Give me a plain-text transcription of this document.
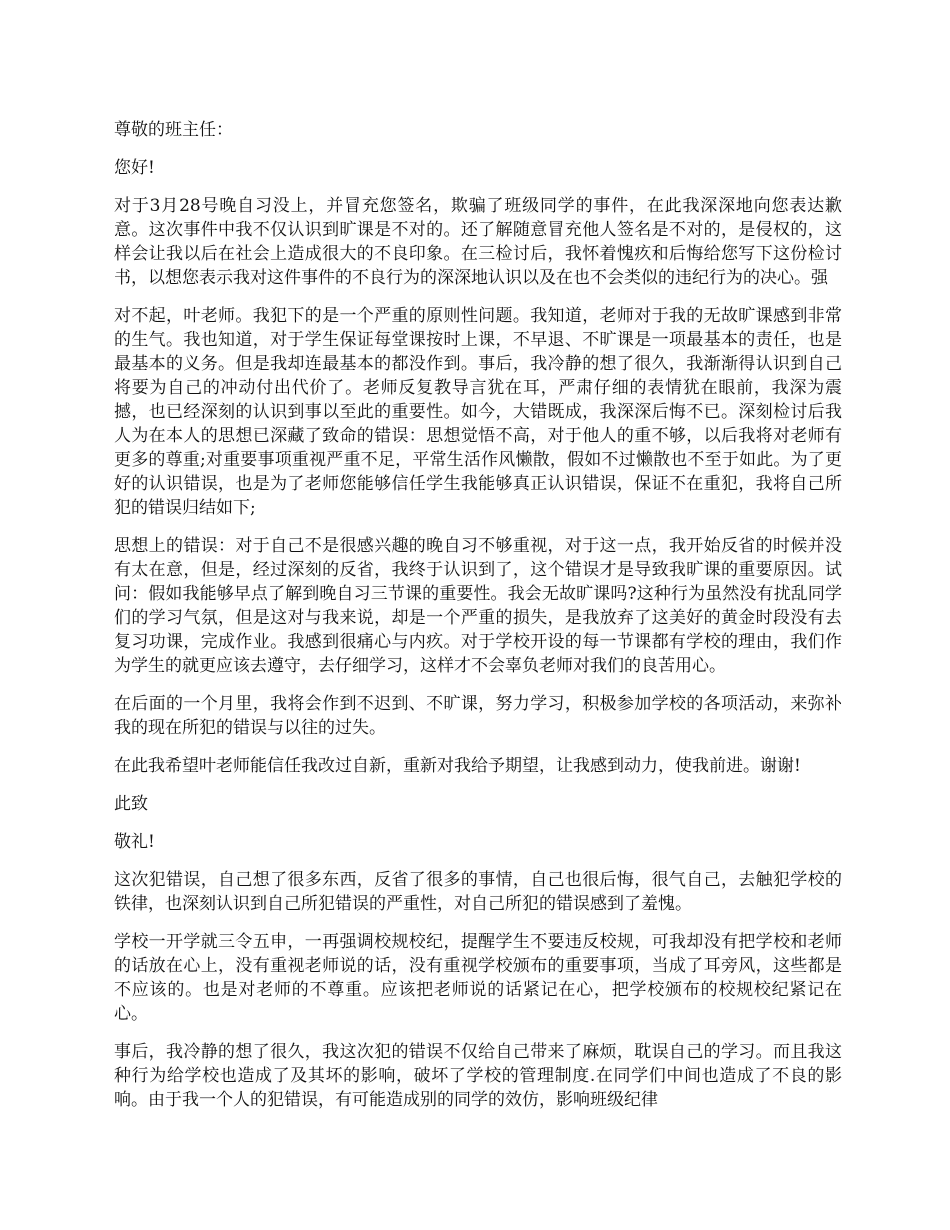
尊敬的班主任：

您好!

对于3月28号晚自习没上，并冒充您签名，欺骗了班级同学的事件，在此我深深地向您表达歉意。这次事件中我不仅认识到旷课是不对的。还了解随意冒充他人签名是不对的，是侵权的，这样会让我以后在社会上造成很大的不良印象。在三检讨后，我怀着愧疚和后悔给您写下这份检讨书，以想您表示我对这件事件的不良行为的深深地认识以及在也不会类似的违纪行为的决心。强

对不起，叶老师。我犯下的是一个严重的原则性问题。我知道，老师对于我的无故旷课感到非常的生气。我也知道，对于学生保证每堂课按时上课，不早退、不旷课是一项最基本的责任，也是最基本的义务。但是我却连最基本的都没作到。事后，我冷静的想了很久，我渐渐得认识到自己将要为自己的冲动付出代价了。老师反复教导言犹在耳，严肃仔细的表情犹在眼前，我深为震撼，也已经深刻的认识到事以至此的重要性。如今，大错既成，我深深后悔不已。深刻检讨后我人为在本人的思想已深藏了致命的错误：思想觉悟不高，对于他人的重不够，以后我将对老师有更多的尊重;对重要事项重视严重不足，平常生活作风懒散，假如不过懒散也不至于如此。为了更好的认识错误，也是为了老师您能够信任学生我能够真正认识错误，保证不在重犯，我将自己所犯的错误归结如下;

思想上的错误：对于自己不是很感兴趣的晚自习不够重视，对于这一点，我开始反省的时候并没有太在意，但是，经过深刻的反省，我终于认识到了，这个错误才是导致我旷课的重要原因。试问：假如我能够早点了解到晚自习三节课的重要性。我会无故旷课吗?这种行为虽然没有扰乱同学们的学习气氛，但是这对与我来说，却是一个严重的损失，是我放弃了这美好的黄金时段没有去复习功课，完成作业。我感到很痛心与内疚。对于学校开设的每一节课都有学校的理由，我们作为学生的就更应该去遵守，去仔细学习，这样才不会辜负老师对我们的良苦用心。

在后面的一个月里，我将会作到不迟到、不旷课，努力学习，积极参加学校的各项活动，来弥补我的现在所犯的错误与以往的过失。

在此我希望叶老师能信任我改过自新，重新对我给予期望，让我感到动力，使我前进。谢谢!

此致

敬礼!

这次犯错误，自己想了很多东西，反省了很多的事情，自己也很后悔，很气自己，去触犯学校的铁律，也深刻认识到自己所犯错误的严重性，对自己所犯的错误感到了羞愧。

学校一开学就三令五申，一再强调校规校纪，提醒学生不要违反校规，可我却没有把学校和老师的话放在心上，没有重视老师说的话，没有重视学校颁布的重要事项，当成了耳旁风，这些都是不应该的。也是对老师的不尊重。应该把老师说的话紧记在心，把学校颁布的校规校纪紧记在心。

事后，我冷静的想了很久，我这次犯的错误不仅给自己带来了麻烦，耽误自己的学习。而且我这种行为给学校也造成了及其坏的影响，破坏了学校的管理制度.在同学们中间也造成了不良的影响。由于我一个人的犯错误，有可能造成别的同学的效仿，影响班级纪律
